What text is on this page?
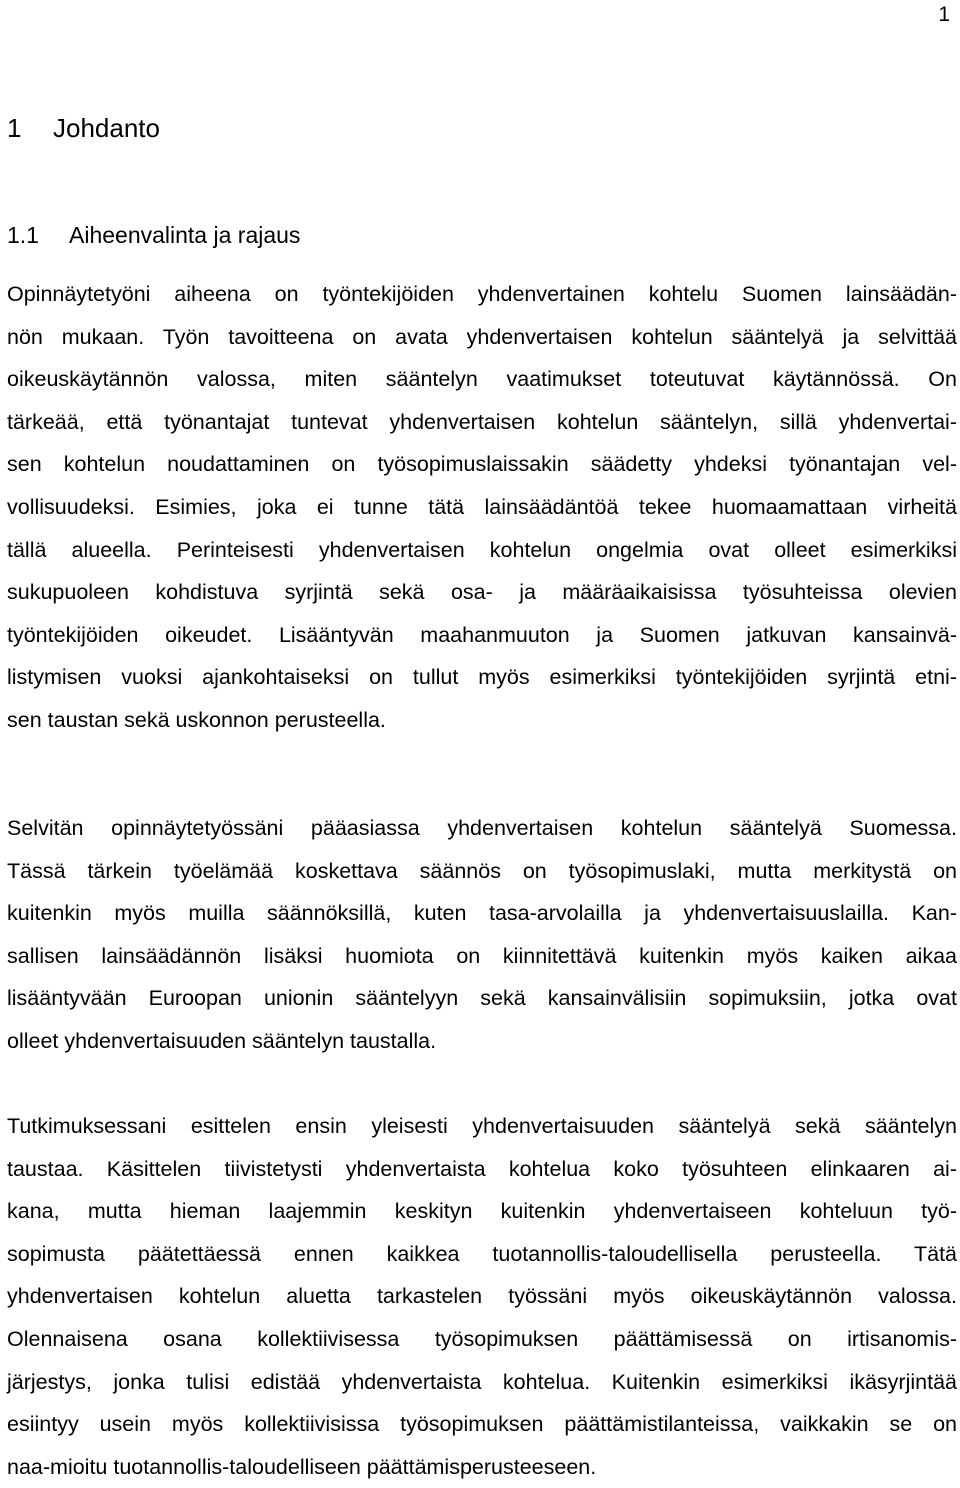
1
1 Johdanto
1.1 Aiheenvalinta ja rajaus
Opinnäytetyöni aiheena on työntekijöiden yhdenvertainen kohtelu Suomen lainsäädän-
nön mukaan. Työn tavoitteena on avata yhdenvertaisen kohtelun sääntelyä ja selvittää
oikeuskäytännön valossa, miten sääntelyn vaatimukset toteutuvat käytännössä. On
tärkeää, että työnantajat tuntevat yhdenvertaisen kohtelun sääntelyn, sillä yhdenvertai-
sen kohtelun noudattaminen on työsopimuslaissakin säädetty yhdeksi työnantajan vel-
vollisuudeksi. Esimies, joka ei tunne tätä lainsäädäntöä tekee huomaamattaan virheitä
tällä alueella. Perinteisesti yhdenvertaisen kohtelun ongelmia ovat olleet esimerkiksi
sukupuoleen kohdistuva syrjintä sekä osa- ja määräaikaisissa työsuhteissa olevien
työntekijöiden oikeudet. Lisääntyvän maahanmuuton ja Suomen jatkuvan kansainvä-
listymisen vuoksi ajankohtaiseksi on tullut myös esimerkiksi työntekijöiden syrjintä etni-
sen taustan sekä uskonnon perusteella.
Selvitän opinnäytetyössäni pääasiassa yhdenvertaisen kohtelun sääntelyä Suomessa.
Tässä tärkein työelämää koskettava säännös on työsopimuslaki, mutta merkitystä on
kuitenkin myös muilla säännöksillä, kuten tasa-arvolailla ja yhdenvertaisuuslailla. Kan-
sallisen lainsäädännön lisäksi huomiota on kiinnitettävä kuitenkin myös kaiken aikaa
lisääntyvään Euroopan unionin sääntelyyn sekä kansainvälisiin sopimuksiin, jotka ovat
olleet yhdenvertaisuuden sääntelyn taustalla.
Tutkimuksessani esittelen ensin yleisesti yhdenvertaisuuden sääntelyä sekä sääntelyn
taustaa. Käsittelen tiivistetysti yhdenvertaista kohtelua koko työsuhteen elinkaaren ai-
kana, mutta hieman laajemmin keskityn kuitenkin yhdenvertaiseen kohteluun työ-
sopimusta päätettäessä ennen kaikkea tuotannollis-taloudellisella perusteella. Tätä
yhdenvertaisen kohtelun aluetta tarkastelen työssäni myös oikeuskäytännön valossa.
Olennaisena osana kollektiivisessa työsopimuksen päättämisessä on irtisanomis-
järjestys, jonka tulisi edistää yhdenvertaista kohtelua. Kuitenkin esimerkiksi ikäsyrjintää
esiintyy usein myös kollektiivisissa työsopimuksen päättämistilanteissa, vaikkakin se on
naa-mioitu tuotannollis-taloudelliseen päättämisperusteeseen.
